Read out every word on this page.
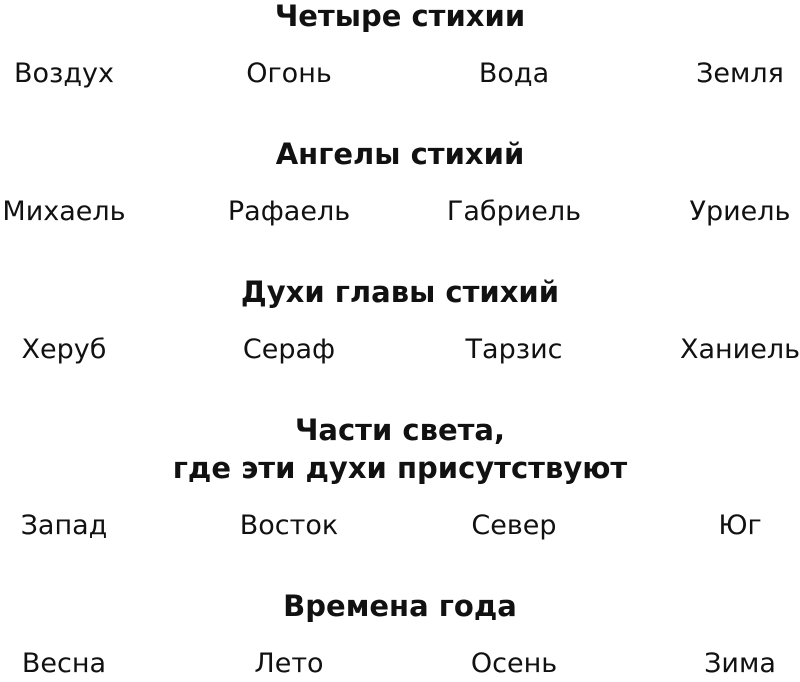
Четыре стихии
Воздух	Огонь	Вода	Земля
Ангелы стихий
Михаель	Рафаель	Габриель	Уриель
Духи главы стихий
Херуб	Сераф	Тарзис	Ханиель
Части света,
где эти духи присутствуют
Запад	Восток	Север	Юг
Времена года
Весна	Лето	Осень	Зима
